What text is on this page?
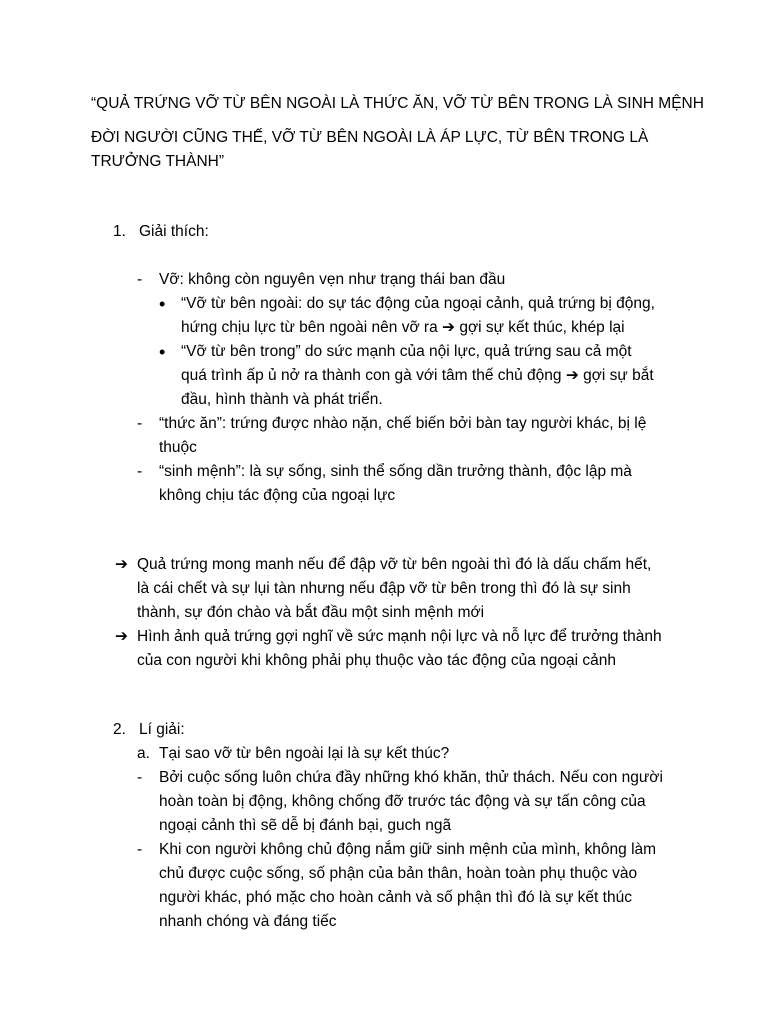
“QUẢ TRỨNG VỠ TỪ BÊN NGOÀI LÀ THỨC ĂN, VỠ TỪ BÊN TRONG LÀ SINH MỆNH
ĐỜI NGƯỜI CŨNG THẾ, VỠ TỪ BÊN NGOÀI LÀ ÁP LỰC, TỪ BÊN TRONG LÀ
TRƯỞNG THÀNH”
1. Giải thích:
- Vỡ: không còn nguyên vẹn như trạng thái ban đầu
• “Vỡ từ bên ngoài: do sự tác động của ngoại cảnh, quả trứng bị động,
hứng chịu lực từ bên ngoài nên vỡ ra ➔ gợi sự kết thúc, khép lại
• “Vỡ từ bên trong” do sức mạnh của nội lực, quả trứng sau cả một
quá trình ấp ủ nở ra thành con gà với tâm thế chủ động ➔ gợi sự bắt
đầu, hình thành và phát triển.
- “thức ăn”: trứng được nhào nặn, chế biến bởi bàn tay người khác, bị lệ
thuộc
- “sinh mệnh”: là sự sống, sinh thể sống dần trưởng thành, độc lập mà
không chịu tác động của ngoại lực
➔ Quả trứng mong manh nếu để đập vỡ từ bên ngoài thì đó là dấu chấm hết,
là cái chết và sự lụi tàn nhưng nếu đập vỡ từ bên trong thì đó là sự sinh
thành, sự đón chào và bắt đầu một sinh mệnh mới
➔ Hình ảnh quả trứng gợi nghĩ về sức mạnh nội lực và nỗ lực để trưởng thành
của con người khi không phải phụ thuộc vào tác động của ngoại cảnh
2. Lí giải:
a. Tại sao vỡ từ bên ngoài lại là sự kết thúc?
- Bởi cuộc sống luôn chứa đầy những khó khăn, thử thách. Nếu con người
hoàn toàn bị động, không chống đỡ trước tác động và sự tấn công của
ngoại cảnh thì sẽ dễ bị đánh bại, guch ngã
- Khi con người không chủ động nắm giữ sinh mệnh của mình, không làm
chủ được cuộc sống, số phận của bản thân, hoàn toàn phụ thuộc vào
người khác, phó mặc cho hoàn cảnh và số phận thì đó là sự kết thúc
nhanh chóng và đáng tiếc
